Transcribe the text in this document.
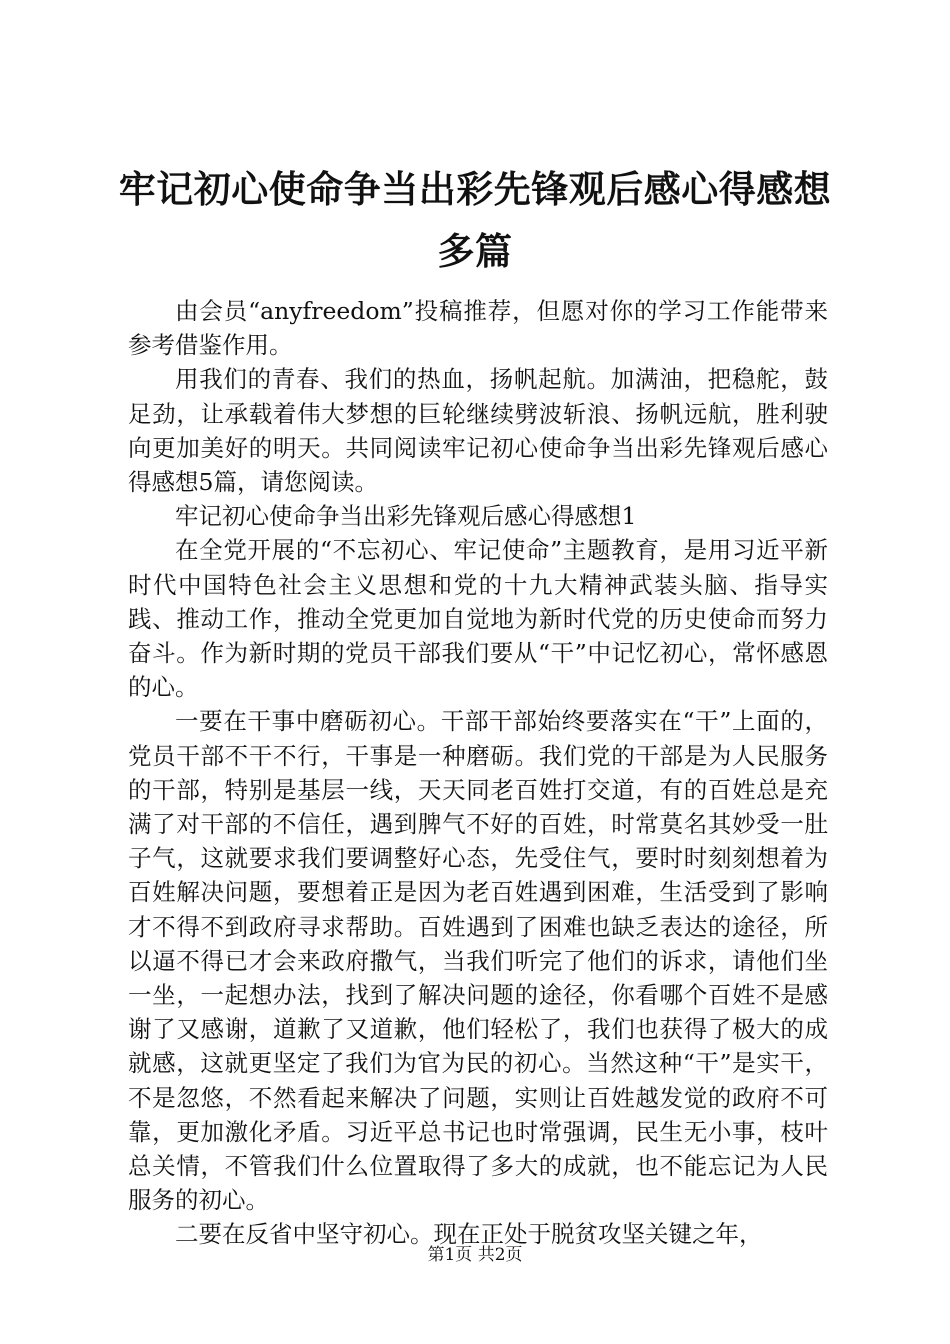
牢记初心使命争当出彩先锋观后感心得感想多篇

由会员“anyfreedom”投稿推荐，但愿对你的学习工作能带来参考借鉴作用。

用我们的青春、我们的热血，扬帆起航。加满油，把稳舵，鼓足劲，让承载着伟大梦想的巨轮继续劈波斩浪、扬帆远航，胜利驶向更加美好的明天。共同阅读牢记初心使命争当出彩先锋观后感心得感想5篇，请您阅读。

牢记初心使命争当出彩先锋观后感心得感想1

在全党开展的“不忘初心、牢记使命”主题教育，是用习近平新时代中国特色社会主义思想和党的十九大精神武装头脑、指导实践、推动工作，推动全党更加自觉地为新时代党的历史使命而努力奋斗。作为新时期的党员干部我们要从“干”中记忆初心，常怀感恩的心。

一要在干事中磨砺初心。干部干部始终要落实在“干”上面的，党员干部不干不行，干事是一种磨砺。我们党的干部是为人民服务的干部，特别是基层一线，天天同老百姓打交道，有的百姓总是充满了对干部的不信任，遇到脾气不好的百姓，时常莫名其妙受一肚子气，这就要求我们要调整好心态，先受住气，要时时刻刻想着为百姓解决问题，要想着正是因为老百姓遇到困难，生活受到了影响才不得不到政府寻求帮助。百姓遇到了困难也缺乏表达的途径，所以逼不得已才会来政府撒气，当我们听完了他们的诉求，请他们坐一坐，一起想办法，找到了解决问题的途径，你看哪个百姓不是感谢了又感谢，道歉了又道歉，他们轻松了，我们也获得了极大的成就感，这就更坚定了我们为官为民的初心。当然这种“干”是实干，不是忽悠，不然看起来解决了问题，实则让百姓越发觉的政府不可靠，更加激化矛盾。习近平总书记也时常强调，民生无小事，枝叶总关情，不管我们什么位置取得了多大的成就，也不能忘记为人民服务的初心。

二要在反省中坚守初心。现在正处于脱贫攻坚关键之年，

第1页 共2页
